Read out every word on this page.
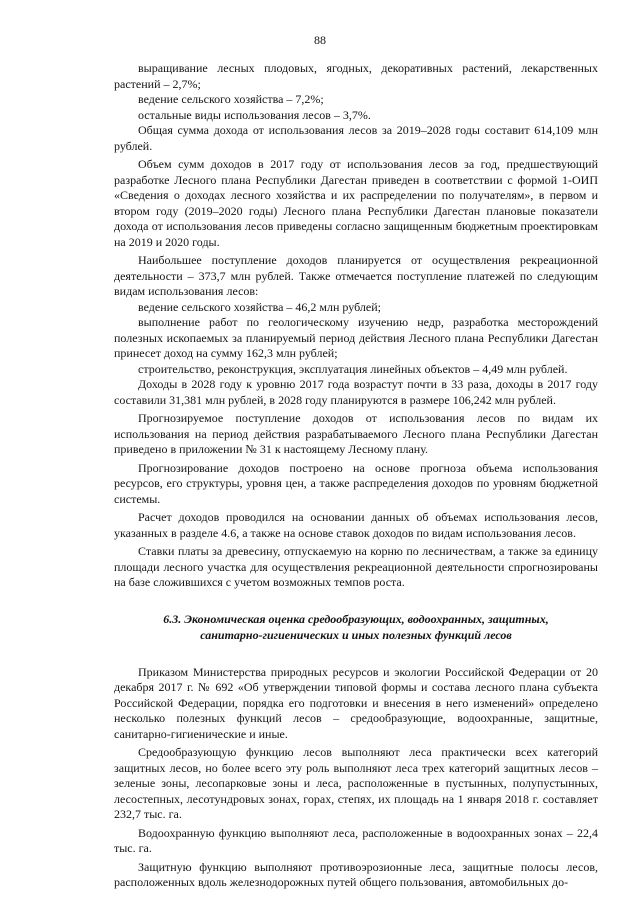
88

выращивание лесных плодовых, ягодных, декоративных растений, лекарственных растений – 2,7%;

ведение сельского хозяйства – 7,2%;

остальные виды использования лесов – 3,7%.

Общая сумма дохода от использования лесов за 2019–2028 годы составит 614,109 млн рублей.

Объем сумм доходов в 2017 году от использования лесов за год, предшествующий разработке Лесного плана Республики Дагестан приведен в соответствии с формой 1-ОИП «Сведения о доходах лесного хозяйства и их распределении по получателям», в первом и втором году (2019–2020 годы) Лесного плана Республики Дагестан плановые показатели дохода от использования лесов приведены согласно защищенным бюджетным проектировкам на 2019 и 2020 годы.

Наибольшее поступление доходов планируется от осуществления рекреационной деятельности – 373,7 млн рублей. Также отмечается поступление платежей по следующим видам использования лесов:

ведение сельского хозяйства – 46,2 млн рублей;

выполнение работ по геологическому изучению недр, разработка месторождений полезных ископаемых за планируемый период действия Лесного плана Республики Дагестан принесет доход на сумму 162,3 млн рублей;

строительство, реконструкция, эксплуатация линейных объектов – 4,49 млн рублей.

Доходы в 2028 году к уровню 2017 года возрастут почти в 33 раза, доходы в 2017 году составили 31,381 млн рублей, в 2028 году планируются в размере 106,242 млн рублей.

Прогнозируемое поступление доходов от использования лесов по видам их использования на период действия разрабатываемого Лесного плана Республики Дагестан приведено в приложении № 31 к настоящему Лесному плану.

Прогнозирование доходов построено на основе прогноза объема использования ресурсов, его структуры, уровня цен, а также распределения доходов по уровням бюджетной системы.

Расчет доходов проводился на основании данных об объемах использования лесов, указанных в разделе 4.6, а также на основе ставок доходов по видам использования лесов.

Ставки платы за древесину, отпускаемую на корню по лесничествам, а также за единицу площади лесного участка для осуществления рекреационной деятельности спрогнозированы на базе сложившихся с учетом возможных темпов роста.

6.3. Экономическая оценка средообразующих, водоохранных, защитных,
санитарно-гигиенических и иных полезных функций лесов

Приказом Министерства природных ресурсов и экологии Российской Федерации от 20 декабря 2017 г. № 692 «Об утверждении типовой формы и состава лесного плана субъекта Российской Федерации, порядка его подготовки и внесения в него изменений» определено несколько полезных функций лесов – средообразующие, водоохранные, защитные, санитарно-гигиенические и иные.

Средообразующую функцию лесов выполняют леса практически всех категорий защитных лесов, но более всего эту роль выполняют леса трех категорий защитных лесов – зеленые зоны, лесопарковые зоны и леса, расположенные в пустынных, полупустынных, лесостепных, лесотундровых зонах, горах, степях, их площадь на 1 января 2018 г. составляет 232,7 тыс. га.

Водоохранную функцию выполняют леса, расположенные в водоохранных зонах – 22,4 тыс. га.

Защитную функцию выполняют противоэрозионные леса, защитные полосы лесов, расположенных вдоль железнодорожных путей общего пользования, автомобильных до-
